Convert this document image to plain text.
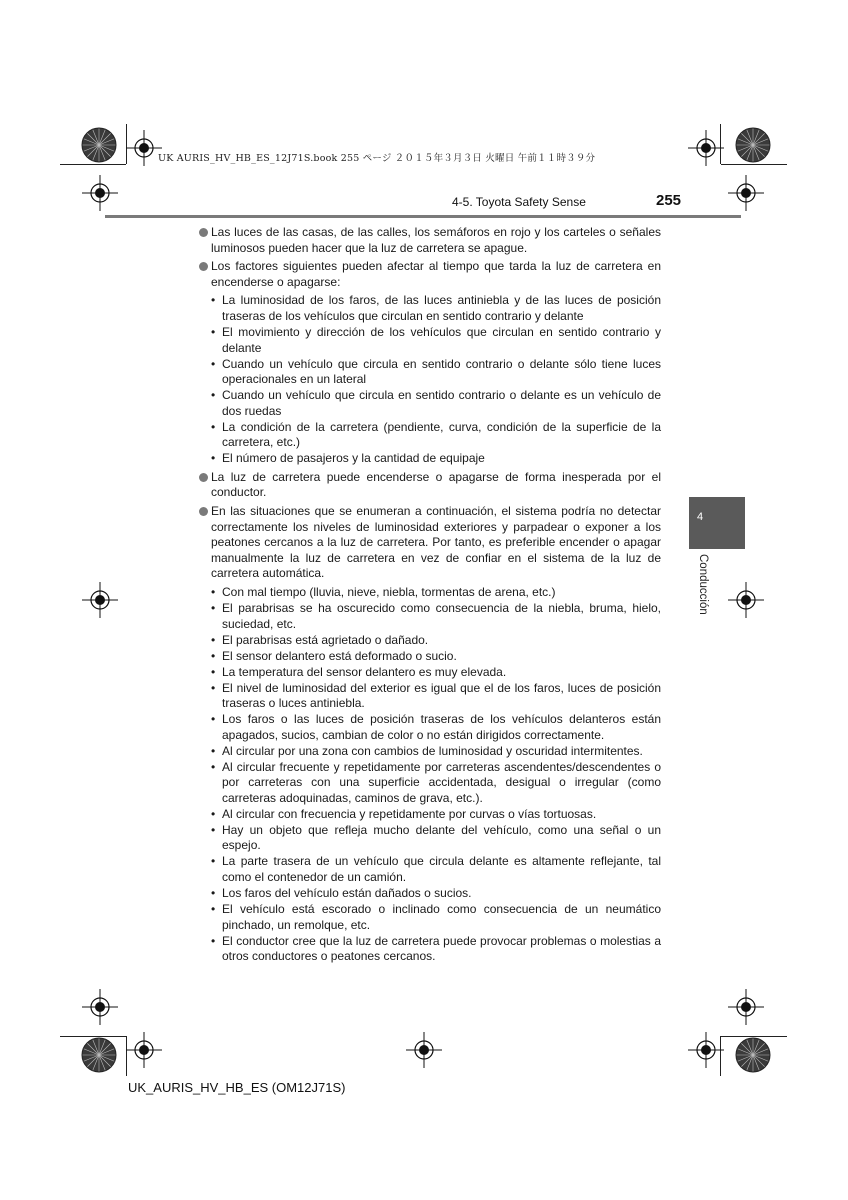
UK AURIS_HV_HB_ES_12J71S.book 255 ページ ２０１５年３月３日 火曜日 午前１１時３９分
4-5. Toyota Safety Sense	255
4
Conducción
Las luces de las casas, de las calles, los semáforos en rojo y los carteles o señales luminosos pueden hacer que la luz de carretera se apague.
Los factores siguientes pueden afectar al tiempo que tarda la luz de carretera en encenderse o apagarse:
• La luminosidad de los faros, de las luces antiniebla y de las luces de posición traseras de los vehículos que circulan en sentido contrario y delante
• El movimiento y dirección de los vehículos que circulan en sentido contrario y delante
• Cuando un vehículo que circula en sentido contrario o delante sólo tiene luces operacionales en un lateral
• Cuando un vehículo que circula en sentido contrario o delante es un vehículo de dos ruedas
• La condición de la carretera (pendiente, curva, condición de la superficie de la carretera, etc.)
• El número de pasajeros y la cantidad de equipaje
La luz de carretera puede encenderse o apagarse de forma inesperada por el conductor.
En las situaciones que se enumeran a continuación, el sistema podría no detectar correctamente los niveles de luminosidad exteriores y parpadear o exponer a los peatones cercanos a la luz de carretera. Por tanto, es preferible encender o apagar manualmente la luz de carretera en vez de confiar en el sistema de la luz de carretera automática.
• Con mal tiempo (lluvia, nieve, niebla, tormentas de arena, etc.)
• El parabrisas se ha oscurecido como consecuencia de la niebla, bruma, hielo, suciedad, etc.
• El parabrisas está agrietado o dañado.
• El sensor delantero está deformado o sucio.
• La temperatura del sensor delantero es muy elevada.
• El nivel de luminosidad del exterior es igual que el de los faros, luces de posición traseras o luces antiniebla.
• Los faros o las luces de posición traseras de los vehículos delanteros están apagados, sucios, cambian de color o no están dirigidos correctamente.
• Al circular por una zona con cambios de luminosidad y oscuridad intermitentes.
• Al circular frecuente y repetidamente por carreteras ascendentes/descendentes o por carreteras con una superficie accidentada, desigual o irregular (como carreteras adoquinadas, caminos de grava, etc.).
• Al circular con frecuencia y repetidamente por curvas o vías tortuosas.
• Hay un objeto que refleja mucho delante del vehículo, como una señal o un espejo.
• La parte trasera de un vehículo que circula delante es altamente reflejante, tal como el contenedor de un camión.
• Los faros del vehículo están dañados o sucios.
• El vehículo está escorado o inclinado como consecuencia de un neumático pinchado, un remolque, etc.
• El conductor cree que la luz de carretera puede provocar problemas o molestias a otros conductores o peatones cercanos.
UK_AURIS_HV_HB_ES (OM12J71S)
